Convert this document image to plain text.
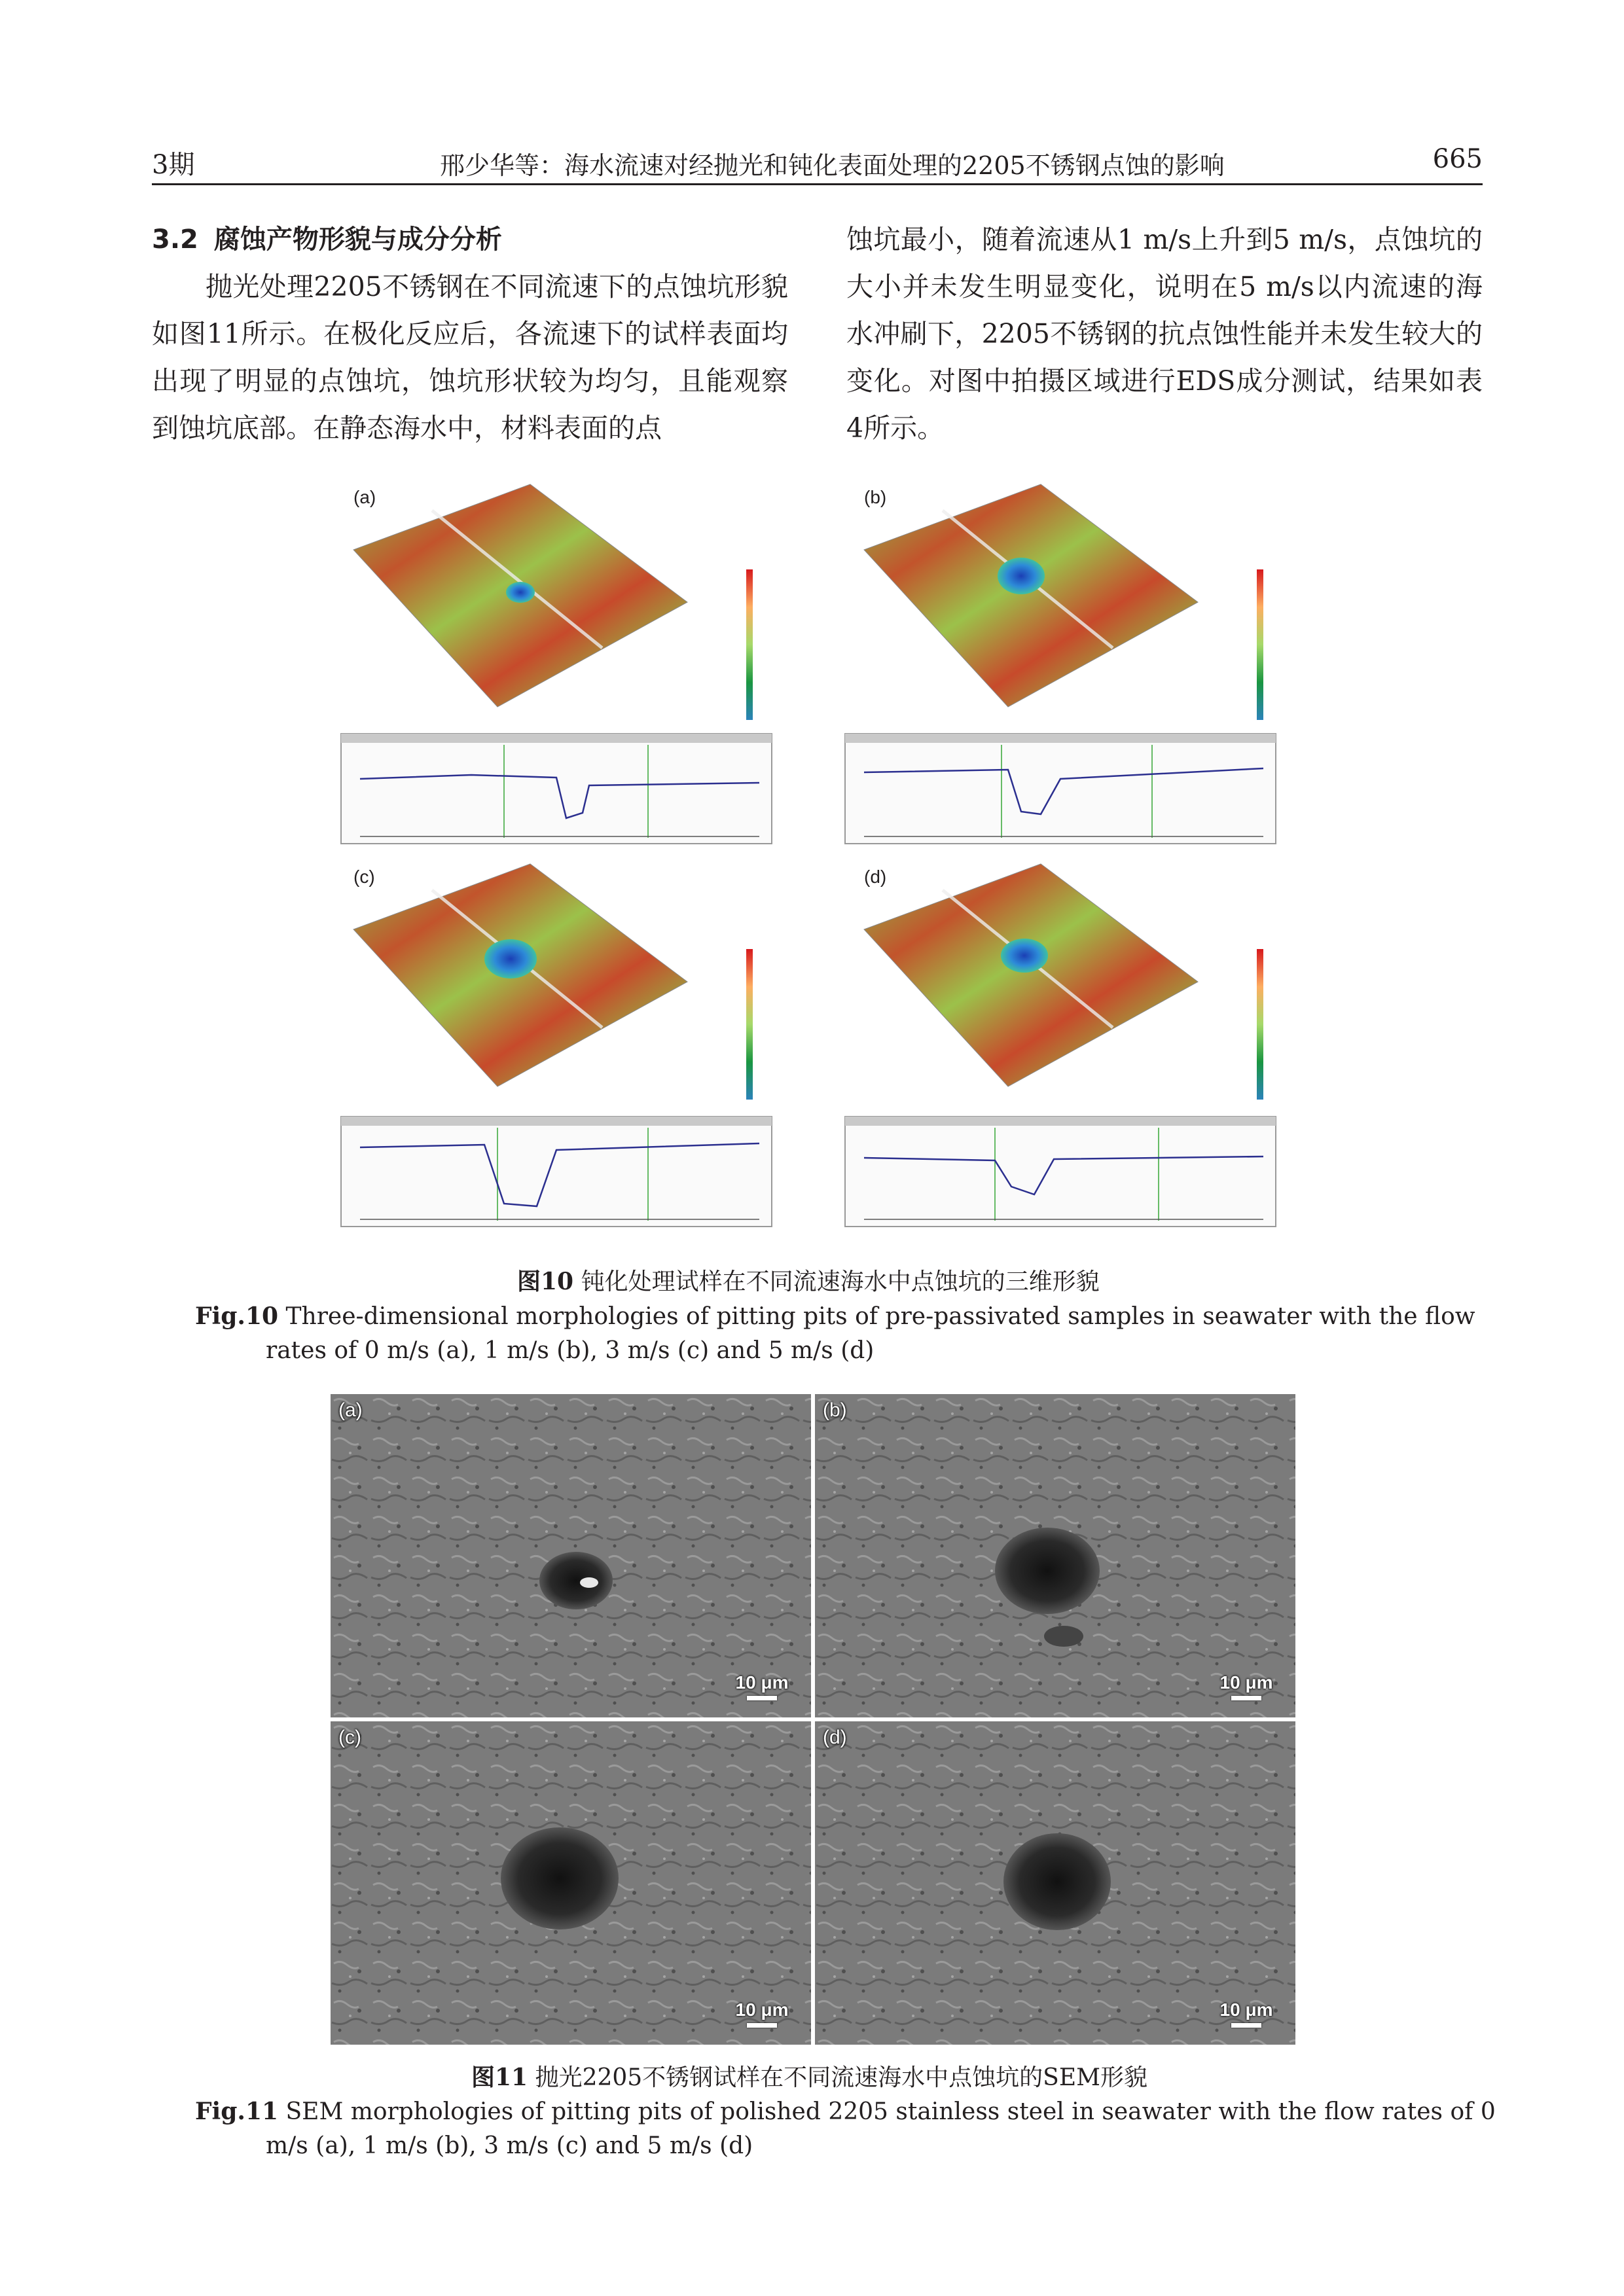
3期	邢少华等：海水流速对经抛光和钝化表面处理的2205不锈钢点蚀的影响	665

3.2 腐蚀产物形貌与成分分析

抛光处理2205不锈钢在不同流速下的点蚀坑形貌如图11所示。在极化反应后，各流速下的试样表面均出现了明显的点蚀坑，蚀坑形状较为均匀，且能观察到蚀坑底部。在静态海水中，材料表面的点

蚀坑最小，随着流速从1 m/s上升到5 m/s，点蚀坑的大小并未发生明显变化，说明在5 m/s以内流速的海水冲刷下，2205不锈钢的抗点蚀性能并未发生较大的变化。对图中拍摄区域进行EDS成分测试，结果如表4所示。

(a)	(b)
(c)	(d)
图10 钝化处理试样在不同流速海水中点蚀坑的三维形貌
Fig.10 Three-dimensional morphologies of pitting pits of pre-passivated samples in seawater with the flow rates of 0 m/s (a), 1 m/s (b), 3 m/s (c) and 5 m/s (d)
(a)
10 μm
(b)
10 μm
(c)
10 μm
(d)
10 μm
图11 抛光2205不锈钢试样在不同流速海水中点蚀坑的SEM形貌
Fig.11 SEM morphologies of pitting pits of polished 2205 stainless steel in seawater with the flow rates of 0 m/s (a), 1 m/s (b), 3 m/s (c) and 5 m/s (d)
